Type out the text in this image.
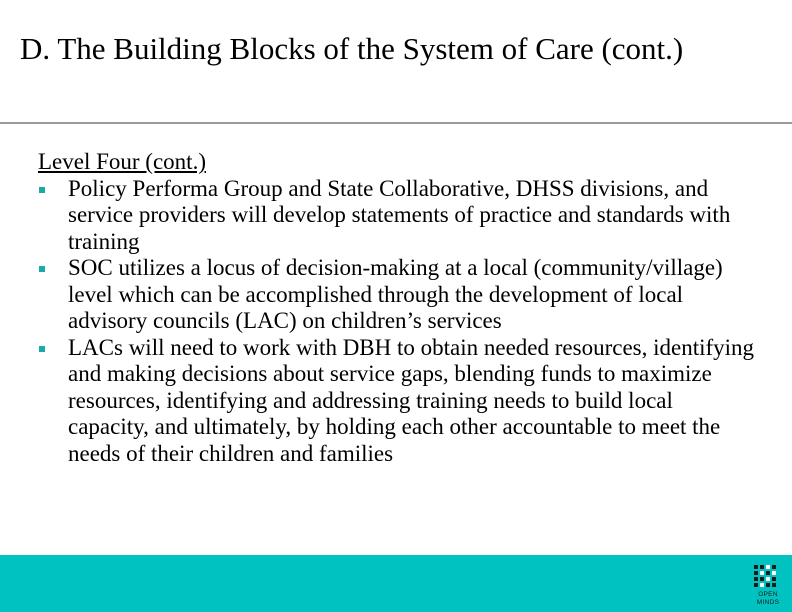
D. The Building Blocks of the System of Care (cont.)

Level Four (cont.)

Policy Performa Group and State Collaborative, DHSS divisions, and service providers will develop statements of practice and standards with training
SOC utilizes a locus of decision-making at a local (community/village) level which can be accomplished through the development of local advisory councils (LAC) on children’s services
LACs will need to work with DBH to obtain needed resources, identifying and making decisions about service gaps, blending funds to maximize resources, identifying and addressing training needs to build local capacity, and ultimately, by holding each other accountable to meet the needs of their children and families
OPEN
MINDS
